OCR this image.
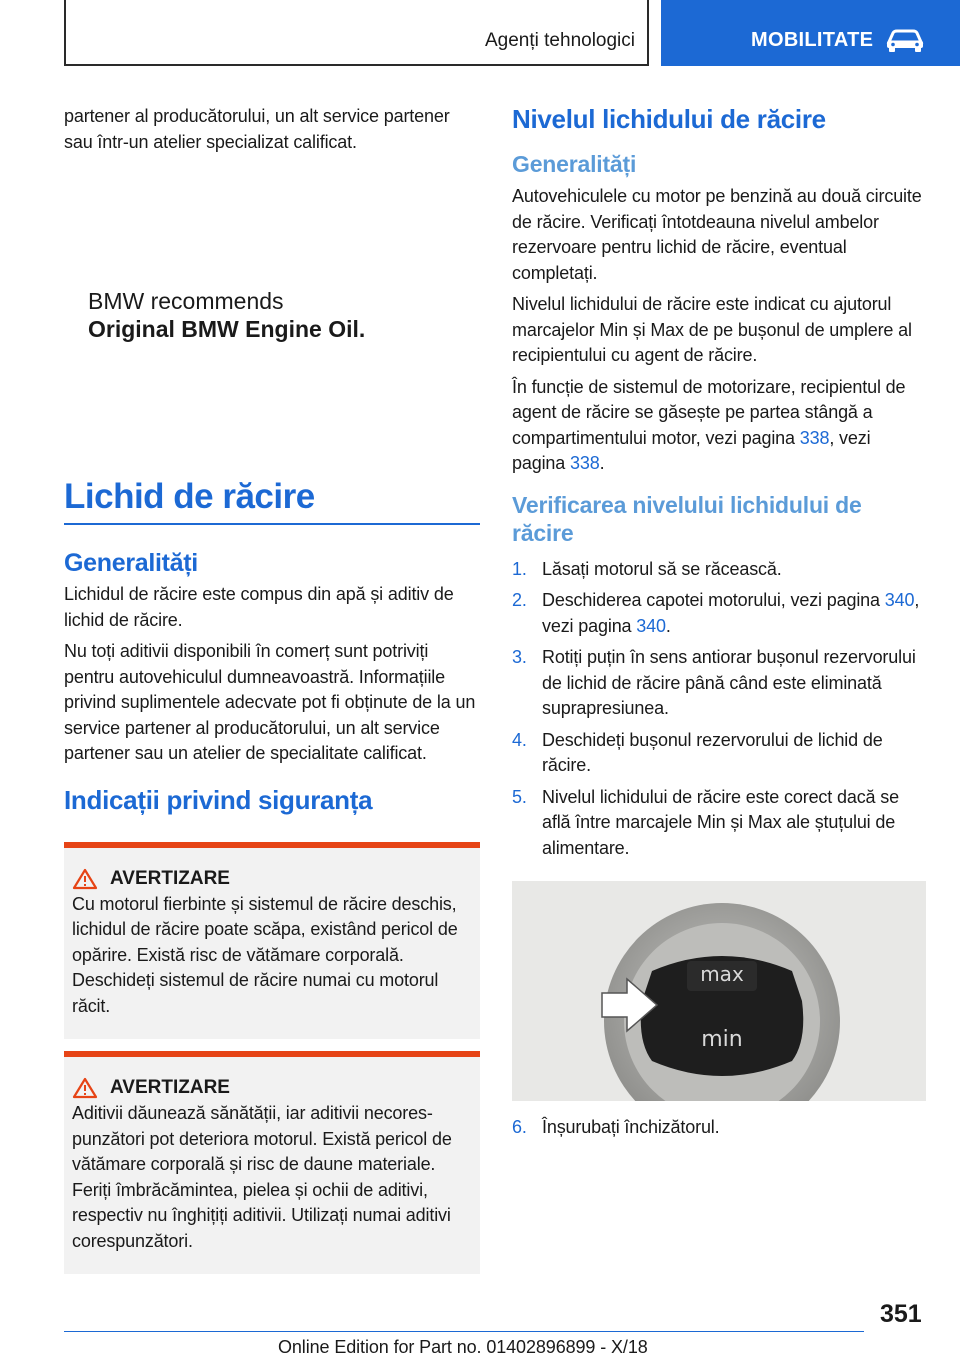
Agenți tehnologici	MOBILITATE

partener al producătorului, un alt service partener sau într-un atelier specializat calificat.

BMW recommends
Original BMW Engine Oil.
Lichid de răcire
Generalități

Lichidul de răcire este compus din apă și aditiv de lichid de răcire.

Nu toți aditivii disponibili în comerț sunt potriviți pentru autovehiculul dumneavoastră. Informațiile privind suplimentele adecvate pot fi obținute de la un service partener al producătorului, un alt service partener sau un atelier de specialitate calificat.

Indicații privind siguranța
AVERTIZARE

Cu motorul fierbinte și sistemul de răcire deschis, lichidul de răcire poate scăpa, existând pericol de opărire. Există risc de vătămare corporală. Deschideți sistemul de răcire numai cu motorul răcit.

AVERTIZARE

Aditivii dăunează sănătății, iar aditivii necorespunzători pot deteriora motorul. Există pericol de vătămare corporală și risc de daune materiale. Feriți îmbrăcămintea, pielea și ochii de aditivi, respectiv nu înghițiți aditivii. Utilizați numai aditivi corespunzători.

Nivelul lichidului de răcire
Generalități

Autovehiculele cu motor pe benzină au două circuite de răcire. Verificați întotdeauna nivelul ambelor rezervoare pentru lichid de răcire, eventual completați.

Nivelul lichidului de răcire este indicat cu ajutorul marcajelor Min și Max de pe bușonul de umplere al recipientului cu agent de răcire.

În funcție de sistemul de motorizare, recipientul de agent de răcire se găsește pe partea stângă a compartimentului motor, vezi pagina 338, vezi pagina 338.

Verificarea nivelului lichidului de răcire
1. Lăsați motorul să se răcească.
2. Deschiderea capotei motorului, vezi pagina 340, vezi pagina 340.
3. Rotiți puțin în sens antiorar bușonul rezervorului de lichid de răcire până când este eliminată suprapresiunea.
4. Deschideți bușonul rezervorului de lichid de răcire.
5. Nivelul lichidului de răcire este corect dacă se află între marcajele Min și Max ale ștuțului de alimentare.
max
min
6. Înșurubați închizătorul.
351
Online Edition for Part no. 01402896899 - X/18
